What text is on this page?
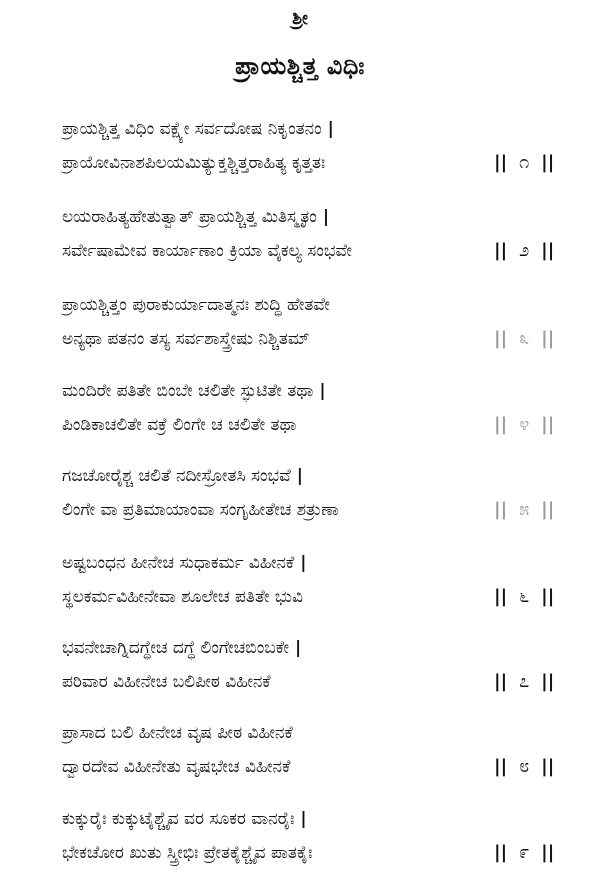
ಶ್ರೀ
ಪ್ರಾಯಶ್ಚಿತ್ತ ವಿಧಿಃ
ಪ್ರಾಯಶ್ಚಿತ್ತ ವಿಧಿಂ ವಕ್ಷ್ಯೇ ಸರ್ವದೋಷ ನಿಕೃಂತನಂ |
ಪ್ರಾಯೋವಿನಾಶಪಿಲಯಮಿತ್ಯುಕ್ತಶ್ಚಿತ್ತರಾಹಿತ್ಯ ಕೃತ್ತತಃ	|| ೧ ||
ಲಯರಾಹಿತ್ಯಹೇತುತ್ವಾತ್ ಪ್ರಾಯಶ್ಚಿತ್ತ ಮಿತಿಸ್ಮೃತಂ |
ಸರ್ವೇಷಾಮೇವ ಕಾರ್ಯಾಣಾಂ ಕ್ರಿಯಾ ವೈಕಲ್ಯ ಸಂಭವೇ	|| ೨ ||
ಪ್ರಾಯಶ್ಚಿತ್ತಂ ಪುರಾಕುರ್ಯಾದಾತ್ಮನಃ ಶುದ್ಧಿ ಹೇತವೇ
ಅನ್ಯಥಾ ಪತನಂ ತಸ್ಯ ಸರ್ವಶಾಸ್ತ್ರೇಷು ನಿಶ್ಚಿತಮ್	|| ೩ ||
ಮಂದಿರೇ ಪತಿತೇ ಬಿಂಬೇ ಚಲಿತೇ ಸ್ಫುಟಿತೇ ತಥಾ |
ಪಿಂಡಿಕಾಚಲಿತೇ ವಕ್ರೆ ಲಿಂಗೇ ಚ ಚಲಿತೇ ತಥಾ	|| ೪ ||
ಗಜಚೋರೈಶ್ಚ ಚಲಿತೆ ನದೀಸ್ರೋತಸಿ ಸಂಭವೆ |
ಲಿಂಗೇ ವಾ ಪ್ರತಿಮಾಯಾಂವಾ ಸಂಗೃಹೀತೇಚ ಶತ್ರುಣಾ	|| ೫ ||
ಅಷ್ಟಬಂಧನ ಹೀನೇಚ ಸುಧಾಕರ್ಮ ವಿಹೀನಕೆ |
ಸ್ಥಲಕರ್ಮವಿಹೀನೇವಾ ಶೂಲೇಚ ಪತಿತೇ ಭುವಿ	|| ೬ ||
ಭವನೇಚಾಗ್ನಿದಗ್ಧೇಚ ದಗ್ಧೆ ಲಿಂಗೇಚಬಿಂಬಕೇ |
ಪರಿವಾರ ವಿಹೀನೇಚ ಬಲಿಪೀಠ ವಿಹೀನಕೆ	|| ೭ ||
ಪ್ರಾಸಾದ ಬಲಿ ಹೀನೇಚ ವೃಷ ಪೀಠ ವಿಹೀನಕೆ
ದ್ವಾರದೇವ ವಿಹೀನೇತು ವೃಷಭೇಚ ವಿಹೀನಕೆ	|| ೮ ||
ಕುಕ್ಕುರೈಃ ಕುಕ್ಕುಟೈಶ್ಚೈವ ವರ ಸೂಕರ ವಾನರೈಃ |
ಭೇಕಚೋರ ಖುತು ಸ್ತ್ರೀಭಿಃ ಪ್ರೇತಕೈಶ್ಚೈವ ಪಾತಕೈಃ	|| ೯ ||
